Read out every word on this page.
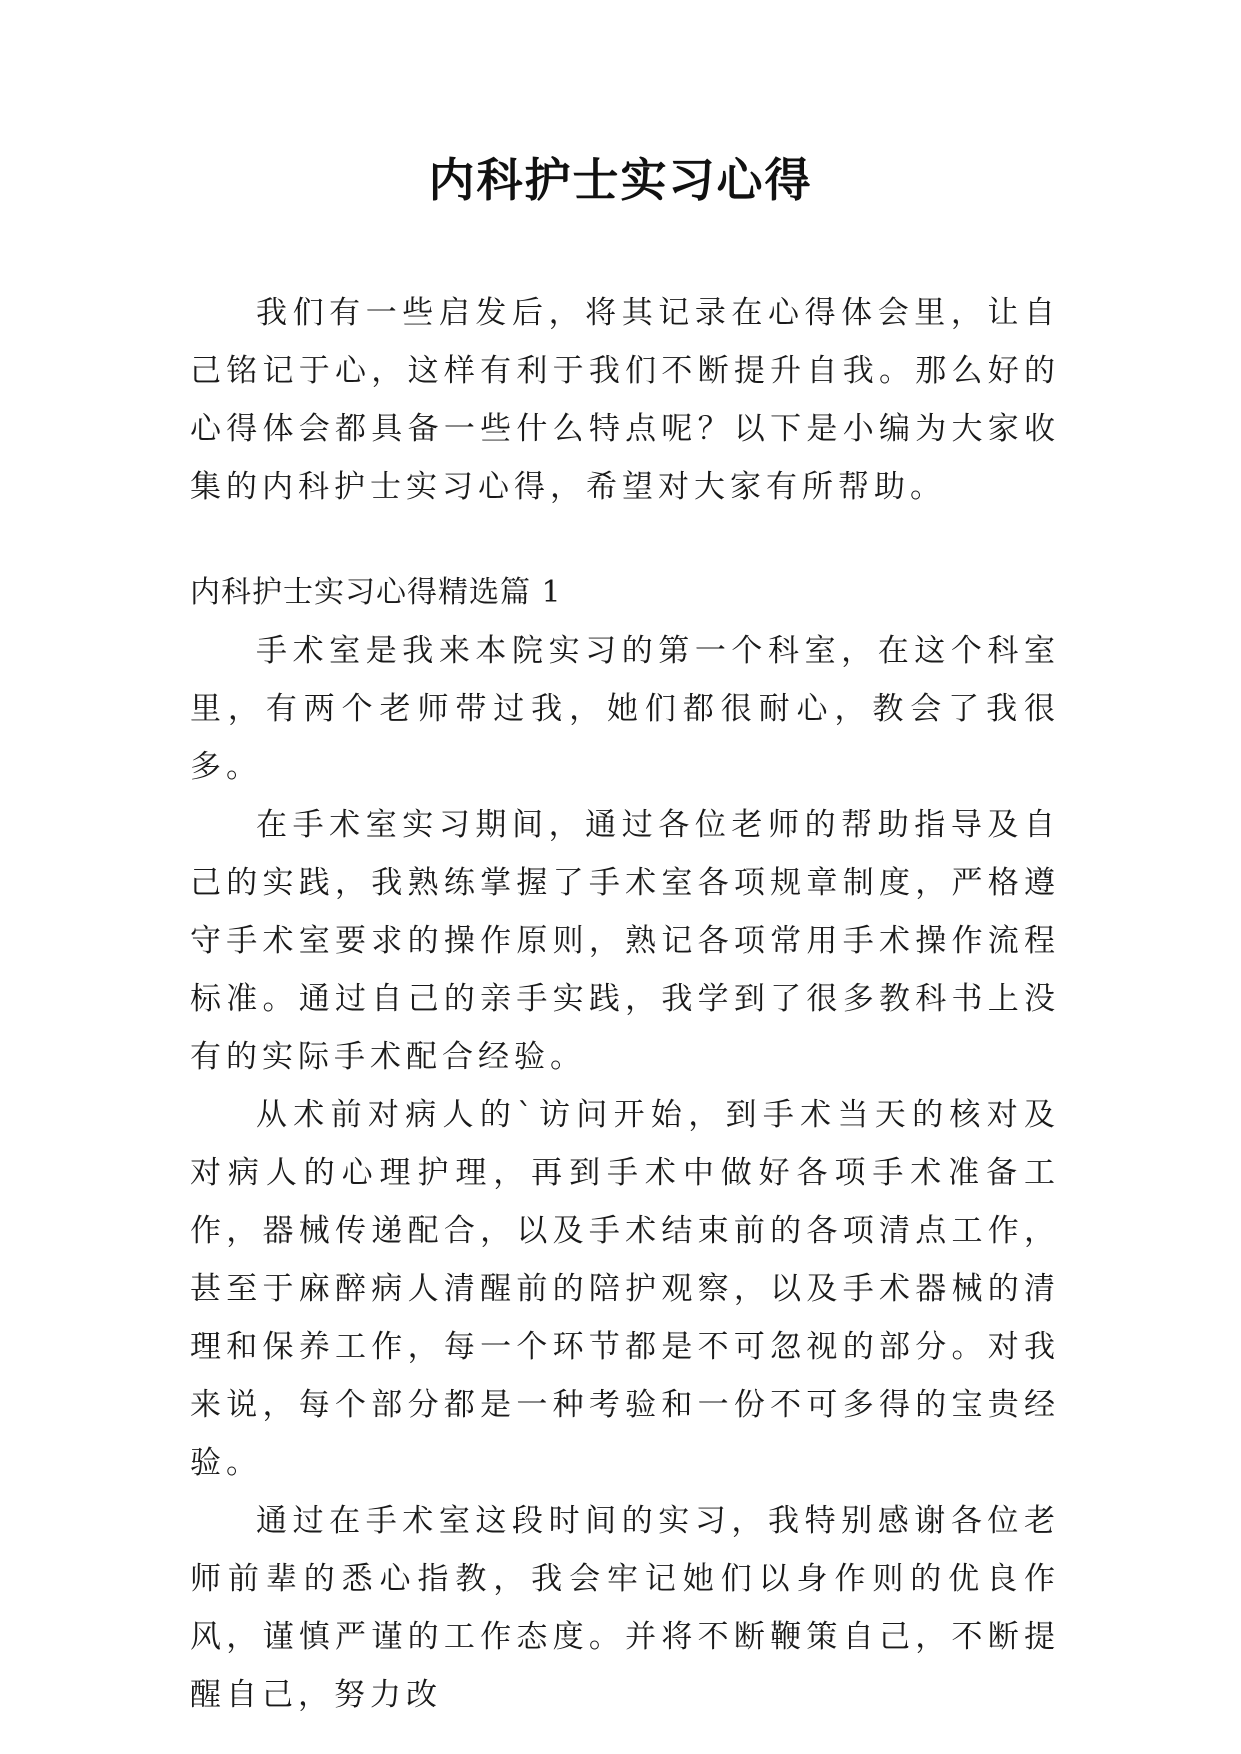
内科护士实习心得

我们有一些启发后，将其记录在心得体会里，让自己铭记于心，这样有利于我们不断提升自我。那么好的心得体会都具备一些什么特点呢？以下是小编为大家收集的内科护士实习心得，希望对大家有所帮助。

内科护士实习心得精选篇 1

手术室是我来本院实习的第一个科室，在这个科室里，有两个老师带过我，她们都很耐心，教会了我很多。

在手术室实习期间，通过各位老师的帮助指导及自己的实践，我熟练掌握了手术室各项规章制度，严格遵守手术室要求的操作原则，熟记各项常用手术操作流程标准。通过自己的亲手实践，我学到了很多教科书上没有的实际手术配合经验。

从术前对病人的`访问开始，到手术当天的核对及对病人的心理护理，再到手术中做好各项手术准备工作，器械传递配合，以及手术结束前的各项清点工作，甚至于麻醉病人清醒前的陪护观察，以及手术器械的清理和保养工作，每一个环节都是不可忽视的部分。对我来说，每个部分都是一种考验和一份不可多得的宝贵经验。

通过在手术室这段时间的实习，我特别感谢各位老师前辈的悉心指教，我会牢记她们以身作则的优良作风，谨慎严谨的工作态度。并将不断鞭策自己，不断提醒自己，努力改
